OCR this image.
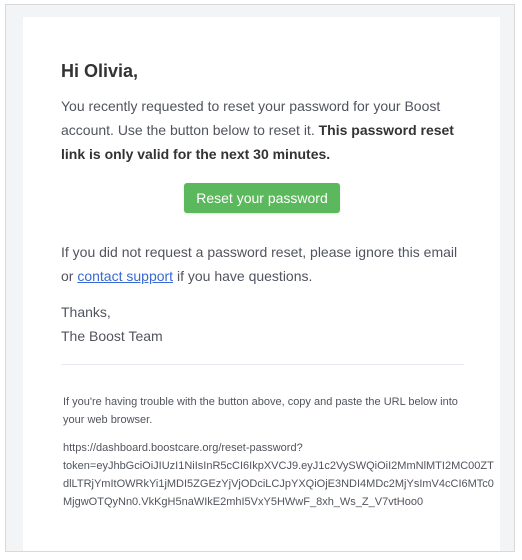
Hi Olivia,

You recently requested to reset your password for your Boost account. Use the button below to reset it. This password reset link is only valid for the next 30 minutes.

Reset your password

If you did not request a password reset, please ignore this email or contact support if you have questions.

Thanks,
The Boost Team

If you're having trouble with the button above, copy and paste the URL below into your web browser.

https://dashboard.boostcare.org/reset-password?
token=eyJhbGciOiJIUzI1NiIsInR5cCI6IkpXVCJ9.eyJ1c2VySWQiOiI2MmNlMTI2MC00ZT
dlLTRjYmItOWRkYi1jMDI5ZGEzYjVjODciLCJpYXQiOjE3NDI4MDc2MjYsImV4cCI6MTc0
MjgwOTQyNn0.VkKgH5naWIkE2mhI5VxY5HWwF_8xh_Ws_Z_V7vtHoo0
